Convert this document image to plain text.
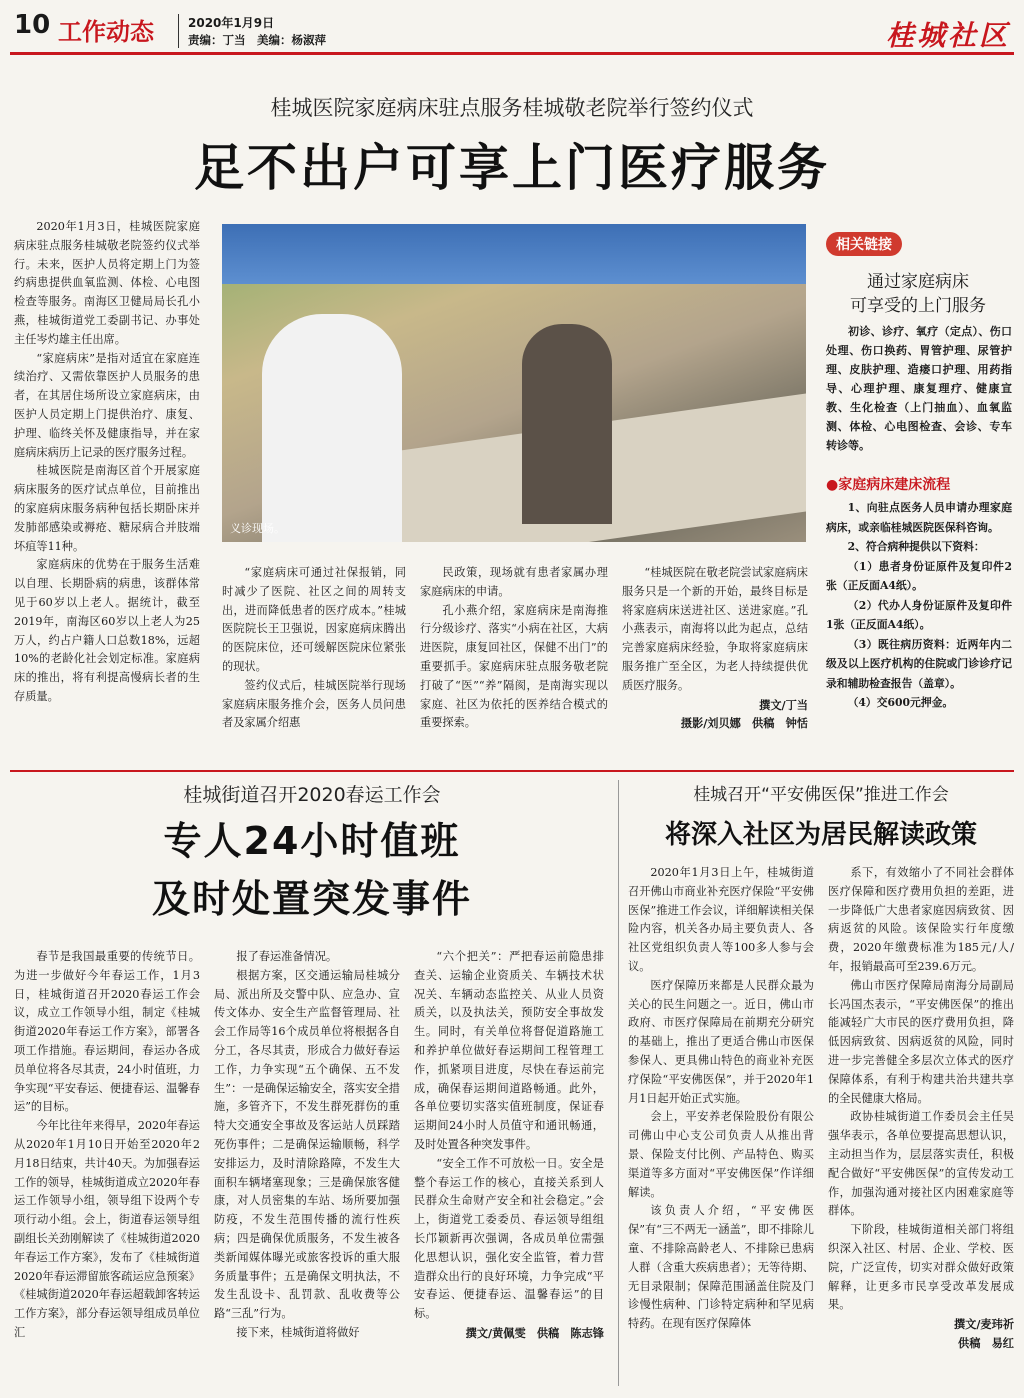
10 工作动态	2020年1月9日
责编：丁当　美编：杨淑萍	桂城社区
桂城医院家庭病床驻点服务桂城敬老院举行签约仪式
足不出户可享上门医疗服务

2020年1月3日，桂城医院家庭病床驻点服务桂城敬老院签约仪式举行。未来，医护人员将定期上门为签约病患提供血氧监测、体检、心电图检查等服务。南海区卫健局局长孔小燕，桂城街道党工委副书记、办事处主任岑灼雄主任出席。

“家庭病床”是指对适宜在家庭连续治疗、又需依靠医护人员服务的患者，在其居住场所设立家庭病床，由医护人员定期上门提供治疗、康复、护理、临终关怀及健康指导，并在家庭病床病历上记录的医疗服务过程。

桂城医院是南海区首个开展家庭病床服务的医疗试点单位，目前推出的家庭病床服务病种包括长期卧床并发肺部感染或褥疮、糖尿病合并肢端坏疽等11种。

家庭病床的优势在于服务生活难以自理、长期卧病的病患，该群体常见于60岁以上老人。据统计，截至2019年，南海区60岁以上老人为25万人，约占户籍人口总数18%，远超10%的老龄化社会划定标准。家庭病床的推出，将有利提高慢病长者的生存质量。

义诊现场。

“家庭病床可通过社保报销，同时减少了医院、社区之间的周转支出，进而降低患者的医疗成本。”桂城医院院长王卫强说，因家庭病床腾出的医院床位，还可缓解医院床位紧张的现状。

签约仪式后，桂城医院举行现场家庭病床服务推介会，医务人员问患者及家属介绍惠

民政策，现场就有患者家属办理家庭病床的申请。

孔小燕介绍，家庭病床是南海推行分级诊疗、落实“小病在社区，大病进医院，康复回社区，保健不出门”的重要抓手。家庭病床驻点服务敬老院打破了“医”“养”隔阂，是南海实现以家庭、社区为依托的医养结合模式的重要探索。

“桂城医院在敬老院尝试家庭病床服务只是一个新的开始，最终目标是将家庭病床送进社区、送进家庭。”孔小燕表示，南海将以此为起点，总结完善家庭病床经验，争取将家庭病床服务推广至全区，为老人持续提供优质医疗服务。

撰文/丁当

摄影/刘贝娜　供稿　钟恬

相关链接
通过家庭病床
可享受的上门服务

初诊、诊疗、氧疗（定点）、伤口处理、伤口换药、胃管护理、尿管护理、皮肤护理、造瘘口护理、用药指导、心理护理、康复理疗、健康宣教、生化检查（上门抽血）、血氧监测、体检、心电图检查、会诊、专车转诊等。

●家庭病床建床流程

1、向驻点医务人员申请办理家庭病床，或亲临桂城医院医保科咨询。

2、符合病种提供以下资料：

（1）患者身份证原件及复印件2张（正反面A4纸）。

（2）代办人身份证原件及复印件1张（正反面A4纸）。

（3）既往病历资料：近两年内二级及以上医疗机构的住院或门诊诊疗记录和辅助检查报告（盖章）。

（4）交600元押金。

桂城街道召开2020春运工作会
专人24小时值班
及时处置突发事件

春节是我国最重要的传统节日。为进一步做好今年春运工作，1月3日，桂城街道召开2020春运工作会议，成立工作领导小组，制定《桂城街道2020年春运工作方案》，部署各项工作措施。春运期间，春运办各成员单位将各尽其责，24小时值班，力争实现“平安春运、便捷春运、温馨春运”的目标。

今年比往年来得早，2020年春运从2020年1月10日开始至2020年2月18日结束，共计40天。为加强春运工作的领导，桂城街道成立2020年春运工作领导小组，领导组下设两个专项行动小组。会上，街道春运领导组副组长关劲刚解读了《桂城街道2020年春运工作方案》，发布了《桂城街道2020年春运滞留旅客疏运应急预案》《桂城街道2020年春运超载卸客转运工作方案》，部分春运领导组成员单位汇

报了春运准备情况。

根据方案，区交通运输局桂城分局、派出所及交警中队、应急办、宣传文体办、安全生产监督管理局、社会工作局等16个成员单位将根据各自分工，各尽其责，形成合力做好春运工作，力争实现“五个确保、五不发生”：一是确保运输安全，落实安全措施，多管齐下，不发生群死群伤的重特大交通安全事故及客运站人员踩踏死伤事件；二是确保运输顺畅，科学安排运力，及时清除路障，不发生大面积车辆堵塞现象；三是确保旅客健康，对人员密集的车站、场所要加强防疫，不发生范围传播的流行性疾病；四是确保优质服务，不发生被各类新闻媒体曝光或旅客投诉的重大服务质量事件；五是确保文明执法，不发生乱设卡、乱罚款、乱收费等公路“三乱”行为。

接下来，桂城街道将做好

“六个把关”：严把春运前隐患排查关、运输企业资质关、车辆技术状况关、车辆动态监控关、从业人员资质关，以及执法关，预防安全事故发生。同时，有关单位将督促道路施工和养护单位做好春运期间工程管理工作，抓紧项目进度，尽快在春运前完成，确保春运期间道路畅通。此外，各单位要切实落实值班制度，保证春运期间24小时人员值守和通讯畅通，及时处置各种突发事件。

“安全工作不可放松一日。安全是整个春运工作的核心，直接关系到人民群众生命财产安全和社会稳定。”会上，街道党工委委员、春运领导组组长邝颖新再次强调，各成员单位需强化思想认识，强化安全监管，着力营造群众出行的良好环境，力争完成“平安春运、便捷春运、温馨春运”的目标。

撰文/黄佩雯　供稿　陈志锋

桂城召开“平安佛医保”推进工作会
将深入社区为居民解读政策

2020年1月3日上午，桂城街道召开佛山市商业补充医疗保险“平安佛医保”推进工作会议，详细解读相关保险内容，机关各办局主要负责人、各社区党组织负责人等100多人参与会议。

医疗保障历来都是人民群众最为关心的民生问题之一。近日，佛山市政府、市医疗保障局在前期充分研究的基础上，推出了更适合佛山市医保参保人、更具佛山特色的商业补充医疗保险“平安佛医保”，并于2020年1月1日起开始正式实施。

会上，平安养老保险股份有限公司佛山中心支公司负责人从推出背景、保险支付比例、产品特色、购买渠道等多方面对“平安佛医保”作详细解读。

该负责人介绍，“平安佛医保”有“三不两无一涵盖”，即不排除儿童、不排除高龄老人、不排除已患病人群（含重大疾病患者）；无等待期、无目录限制；保障范围涵盖住院及门诊慢性病种、门诊特定病种和罕见病特药。在现有医疗保障体

系下，有效缩小了不同社会群体医疗保障和医疗费用负担的差距，进一步降低广大患者家庭因病致贫、因病返贫的风险。该保险实行年度缴费，2020年缴费标准为185元/人/年，报销最高可至239.6万元。

佛山市医疗保障局南海分局副局长冯国杰表示，“平安佛医保”的推出能减轻广大市民的医疗费用负担，降低因病致贫、因病返贫的风险，同时进一步完善健全多层次立体式的医疗保障体系，有利于构建共治共建共享的全民健康大格局。

政协桂城街道工作委员会主任吴强华表示，各单位要提高思想认识，主动担当作为，层层落实责任，积极配合做好“平安佛医保”的宣传发动工作，加强沟通对接社区内困难家庭等群体。

下阶段，桂城街道相关部门将组织深入社区、村居、企业、学校、医院，广泛宣传，切实对群众做好政策解释，让更多市民享受改革发展成果。

撰文/麦玮祈

供稿　易红
